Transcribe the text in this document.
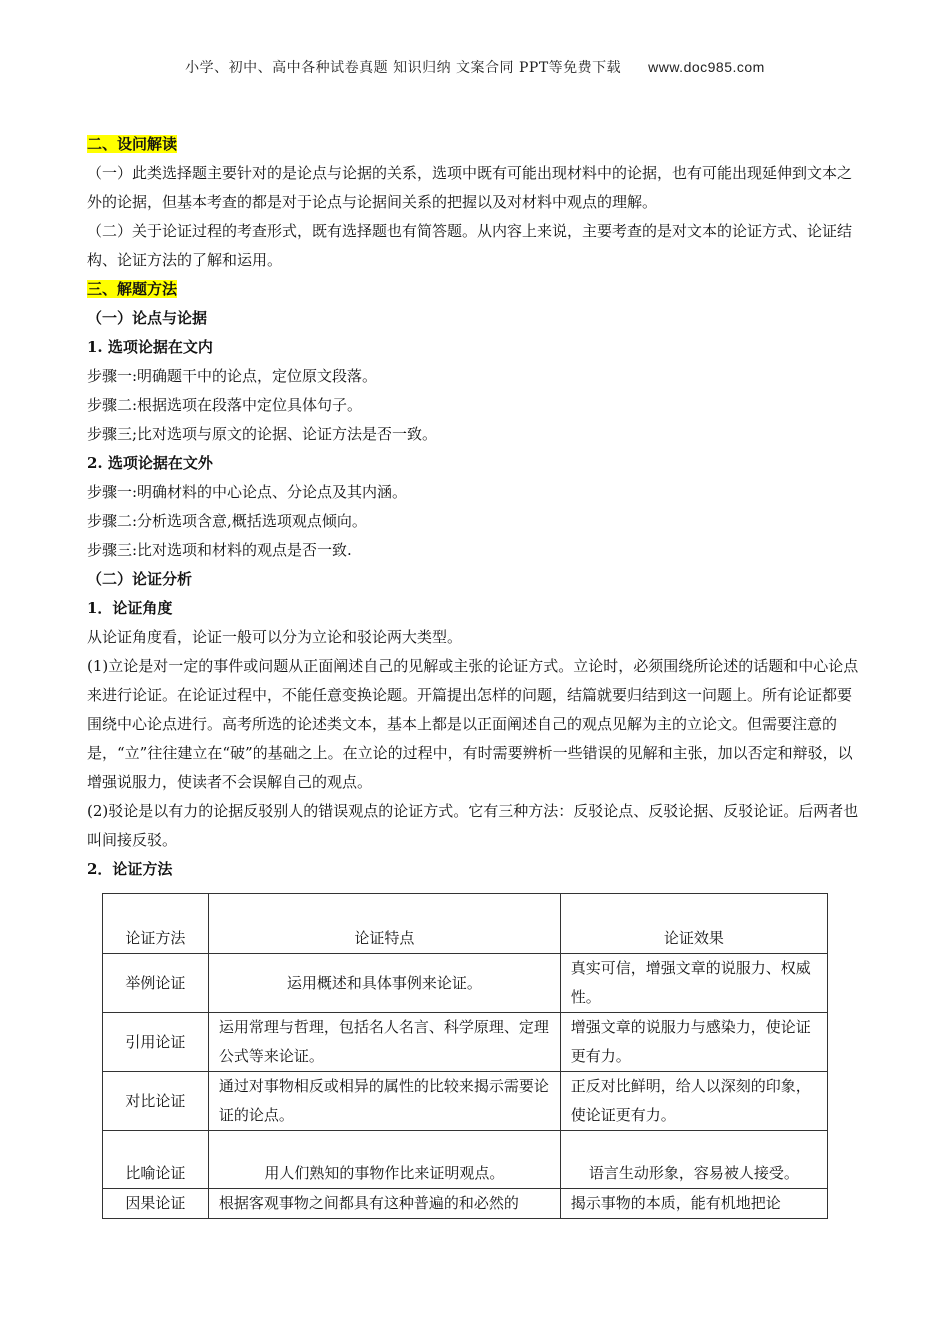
小学、初中、高中各种试卷真题 知识归纳 文案合同 PPT等免费下载 www.doc985.com

二、设问解读

（一）此类选择题主要针对的是论点与论据的关系，选项中既有可能出现材料中的论据，也有可能出现延伸到文本之外的论据，但基本考查的都是对于论点与论据间关系的把握以及对材料中观点的理解。

（二）关于论证过程的考查形式，既有选择题也有简答题。从内容上来说，主要考查的是对文本的论证方式、论证结构、论证方法的了解和运用。

三、解题方法

（一）论点与论据

1. 选项论据在文内

步骤一:明确题干中的论点，定位原文段落。

步骤二:根据选项在段落中定位具体句子。

步骤三;比对选项与原文的论据、论证方法是否一致。

2. 选项论据在文外

步骤一:明确材料的中心论点、分论点及其内涵。

步骤二:分析选项含意,概括选项观点倾向。

步骤三:比对选项和材料的观点是否一致.

（二）论证分析

1．论证角度

从论证角度看，论证一般可以分为立论和驳论两大类型。

(1)立论是对一定的事件或问题从正面阐述自己的见解或主张的论证方式。立论时，必须围绕所论述的话题和中心论点来进行论证。在论证过程中，不能任意变换论题。开篇提出怎样的问题，结篇就要归结到这一问题上。所有论证都要围绕中心论点进行。高考所选的论述类文本，基本上都是以正面阐述自己的观点见解为主的立论文。但需要注意的是，“立”往往建立在“破”的基础之上。在立论的过程中，有时需要辨析一些错误的见解和主张，加以否定和辩驳，以增强说服力，使读者不会误解自己的观点。

(2)驳论是以有力的论据反驳别人的错误观点的论证方式。它有三种方法：反驳论点、反驳论据、反驳论证。后两者也叫间接反驳。

2．论证方法

论证方法	论证特点	论证效果
举例论证	运用概述和具体事例来论证。	真实可信，增强文章的说服力、权威性。
引用论证	运用常理与哲理，包括名人名言、科学原理、定理公式等来论证。	增强文章的说服力与感染力，使论证更有力。
对比论证	通过对事物相反或相异的属性的比较来揭示需要论证的论点。	正反对比鲜明，给人以深刻的印象，使论证更有力。
比喻论证	用人们熟知的事物作比来证明观点。	语言生动形象，容易被人接受。
因果论证	根据客观事物之间都具有这种普遍的和必然的	揭示事物的本质，能有机地把论
